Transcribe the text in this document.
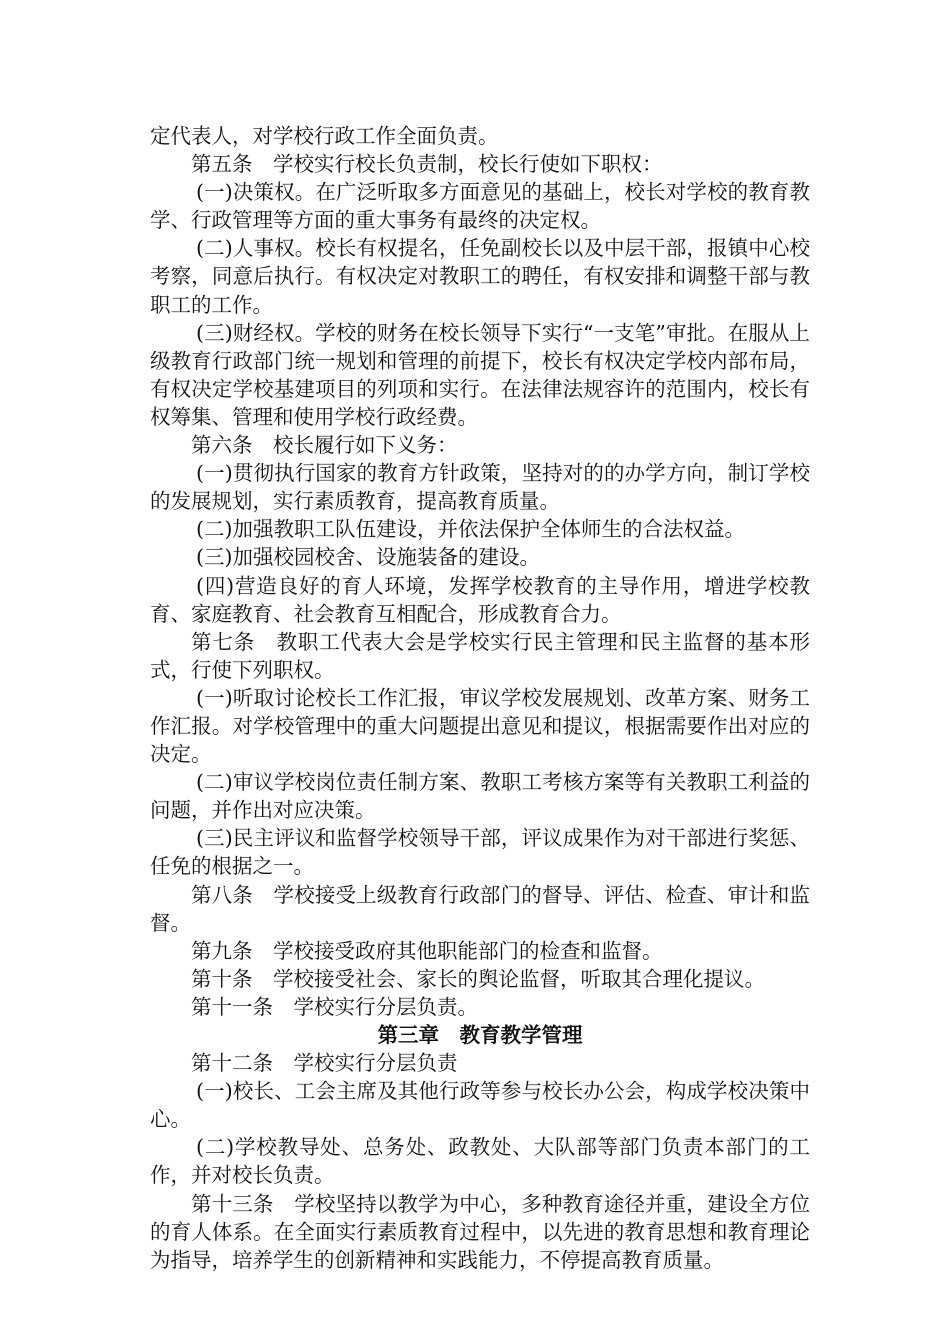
定代表人，对学校行政工作全面负责。

第五条　学校实行校长负责制，校长行使如下职权：

(一)决策权。在广泛听取多方面意见的基础上，校长对学校的教育教学、行政管理等方面的重大事务有最终的决定权。

(二)人事权。校长有权提名，任免副校长以及中层干部，报镇中心校考察，同意后执行。有权决定对教职工的聘任，有权安排和调整干部与教职工的工作。

(三)财经权。学校的财务在校长领导下实行“一支笔”审批。在服从上级教育行政部门统一规划和管理的前提下，校长有权决定学校内部布局，有权决定学校基建项目的列项和实行。在法律法规容许的范围内，校长有权筹集、管理和使用学校行政经费。

第六条　校长履行如下义务：

(一)贯彻执行国家的教育方针政策，坚持对的的办学方向，制订学校的发展规划，实行素质教育，提高教育质量。

(二)加强教职工队伍建设，并依法保护全体师生的合法权益。

(三)加强校园校舍、设施装备的建设。

(四)营造良好的育人环境，发挥学校教育的主导作用，增进学校教育、家庭教育、社会教育互相配合，形成教育合力。

第七条　教职工代表大会是学校实行民主管理和民主监督的基本形式，行使下列职权。

(一)听取讨论校长工作汇报，审议学校发展规划、改革方案、财务工作汇报。对学校管理中的重大问题提出意见和提议，根据需要作出对应的决定。

(二)审议学校岗位责任制方案、教职工考核方案等有关教职工利益的问题，并作出对应决策。

(三)民主评议和监督学校领导干部，评议成果作为对干部进行奖惩、任免的根据之一。

第八条　学校接受上级教育行政部门的督导、评估、检查、审计和监督。

第九条　学校接受政府其他职能部门的检查和监督。

第十条　学校接受社会、家长的舆论监督，听取其合理化提议。

第十一条　学校实行分层负责。

第三章　教育教学管理

第十二条　学校实行分层负责

(一)校长、工会主席及其他行政等参与校长办公会，构成学校决策中心。

(二)学校教导处、总务处、政教处、大队部等部门负责本部门的工作，并对校长负责。

第十三条　学校坚持以教学为中心，多种教育途径并重，建设全方位的育人体系。在全面实行素质教育过程中，以先进的教育思想和教育理论为指导，培养学生的创新精神和实践能力，不停提高教育质量。
